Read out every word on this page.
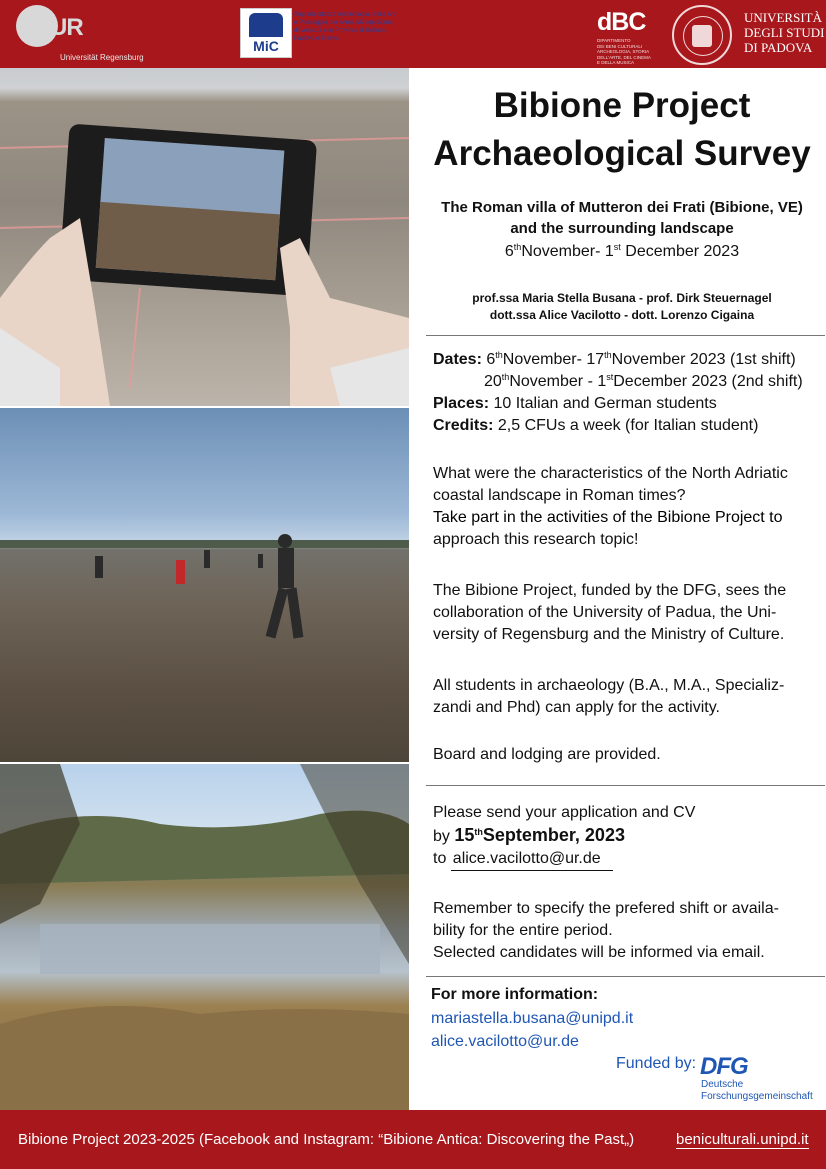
UR
Universität Regensburg
MiC
Soprintendenza Archeologia, Belle Arti
e Paesaggio per l'Area Metropolitana
di Venezia e le Province di Belluno,
Padova e Treviso
dBC
DIPARTIMENTO
DEI BENI CULTURALI
ARCHEOLOGIA, STORIA
DELL'ARTE, DEL CINEMA
E DELLA MUSICA
UNIVERSITÀ
DEGLI STUDI
DI PADOVA
Bibione Project
Archaeological Survey
The Roman villa of Mutteron dei Frati (Bibione, VE)
and the surrounding landscape
6thNovember- 1st December 2023
prof.ssa Maria Stella Busana - prof. Dirk Steuernagel
dott.ssa Alice Vacilotto - dott. Lorenzo Cigaina
Dates: 6thNovember- 17thNovember 2023 (1st shift)
20thNovember - 1stDecember 2023 (2nd shift)
Places: 10 Italian and German students
Credits: 2,5 CFUs a week (for Italian student)
What were the characteristics of the North Adriatic
coastal landscape in Roman times?
Take part in the activities of the Bibione Project to
approach this research topic!
The Bibione Project, funded by the DFG, sees the
collaboration of the University of Padua, the Uni-
versity of Regensburg and the Ministry of Culture.
All students in archaeology (B.A., M.A., Specializ-
zandi and Phd) can apply for the activity.
Board and lodging are provided.
Please send your application and CV
by 15thSeptember, 2023
to alice.vacilotto@ur.de
Remember to specify the prefered shift or availa-
bility for the entire period.
Selected candidates will be informed via email.
For more information:
mariastella.busana@unipd.it
alice.vacilotto@ur.de
Funded by: DFG
Deutsche
Forschungsgemeinschaft
Bibione Project 2023-2025 (Facebook and Instagram: “Bibione Antica: Discovering the Past„)	beniculturali.unipd.it
